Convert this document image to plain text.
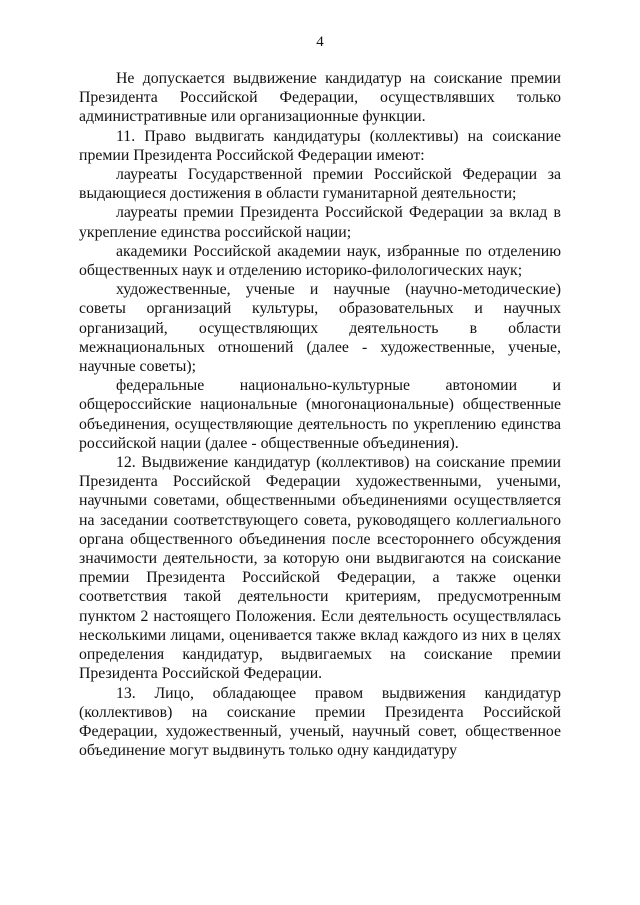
4

Не допускается выдвижение кандидатур на соискание премии Президента Российской Федерации, осуществлявших только административные или организационные функции.

11. Право выдвигать кандидатуры (коллективы) на соискание премии Президента Российской Федерации имеют:

лауреаты Государственной премии Российской Федерации за выдающиеся достижения в области гуманитарной деятельности;

лауреаты премии Президента Российской Федерации за вклад в укрепление единства российской нации;

академики Российской академии наук, избранные по отделению общественных наук и отделению историко-филологических наук;

художественные, ученые и научные (научно-методические) советы организаций культуры, образовательных и научных организаций, осуществляющих деятельность в области межнациональных отношений (далее - художественные, ученые, научные советы);

федеральные национально-культурные автономии и общероссийские национальные (многонациональные) общественные объединения, осуществляющие деятельность по укреплению единства российской нации (далее - общественные объединения).

12. Выдвижение кандидатур (коллективов) на соискание премии Президента Российской Федерации художественными, учеными, научными советами, общественными объединениями осуществляется на заседании соответствующего совета, руководящего коллегиального органа общественного объединения после всестороннего обсуждения значимости деятельности, за которую они выдвигаются на соискание премии Президента Российской Федерации, а также оценки соответствия такой деятельности критериям, предусмотренным пунктом 2 настоящего Положения. Если деятельность осуществлялась несколькими лицами, оценивается также вклад каждого из них в целях определения кандидатур, выдвигаемых на соискание премии Президента Российской Федерации.

13. Лицо, обладающее правом выдвижения кандидатур (коллективов) на соискание премии Президента Российской Федерации, художественный, ученый, научный совет, общественное объединение могут выдвинуть только одну кандидатуру
